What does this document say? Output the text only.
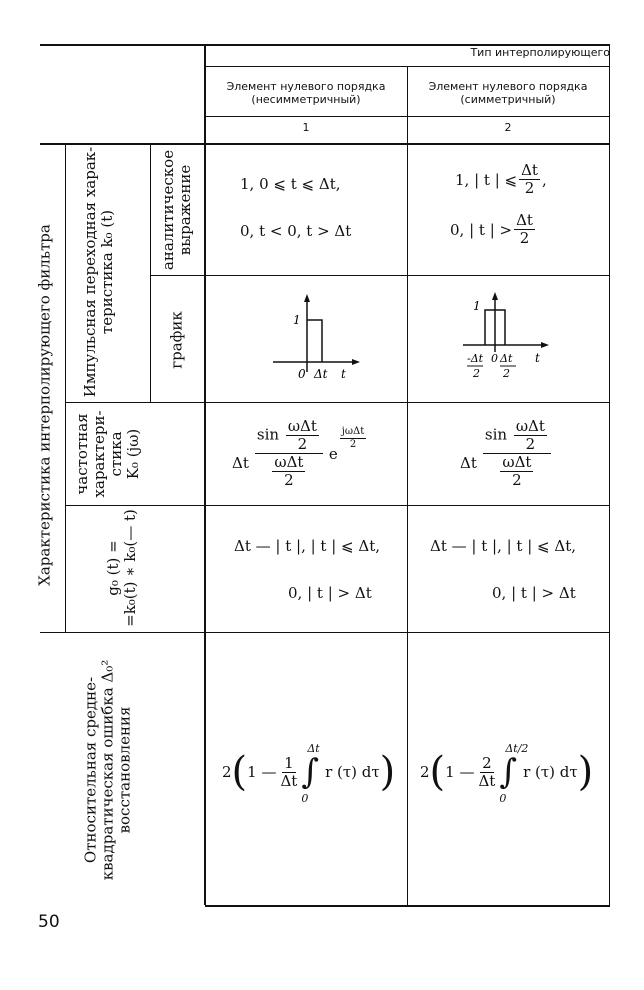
Тип интерполирующего
Элемент нулевого порядка
(несимметричный)
Элемент нулевого порядка
(симметричный)
1	2
Характеристика интерполирующего фильтра Импульсная переходная харак- теристика k₀ (t)	аналитическое выражение
график
частотная характери- стика K₀ (jω)
g₀ (t) = =k₀(t) ∗ k₀(— t)
Относительная средне- квадратическая ошибка Δ₀² восстановления
1, 0 ⩽ t ⩽ Δt,
0, t < 0, t > Δt
1
0 Δt t
Δt $\frac{\sin \frac{\text{ωΔt}}{2}}{\frac{\text{ωΔt}}{2}}$ e
$\frac{\text{jωΔt}}{2}$
Δt — | t |, | t | ⩽ Δt,
0, | t | > Δt
2 ( 1 — $\frac{1}{\Delta t}$ ∫
Δt
0
r (τ) dτ )
1, | t | ⩽ $\frac{\Delta t}{2}$ ,
0, | t | > $\frac{\Delta t}{2}$
1
-Δt
2
0 Δt
2
t
Δt $\frac{\sin \frac{\text{ωΔt}}{2}}{\frac{\text{ωΔt}}{2}}$
Δt — | t |, | t | ⩽ Δt,
0, | t | > Δt
2 ( 1 — $\frac{2}{\Delta t}$ ∫
Δt/2
0
r (τ) dτ )
50
